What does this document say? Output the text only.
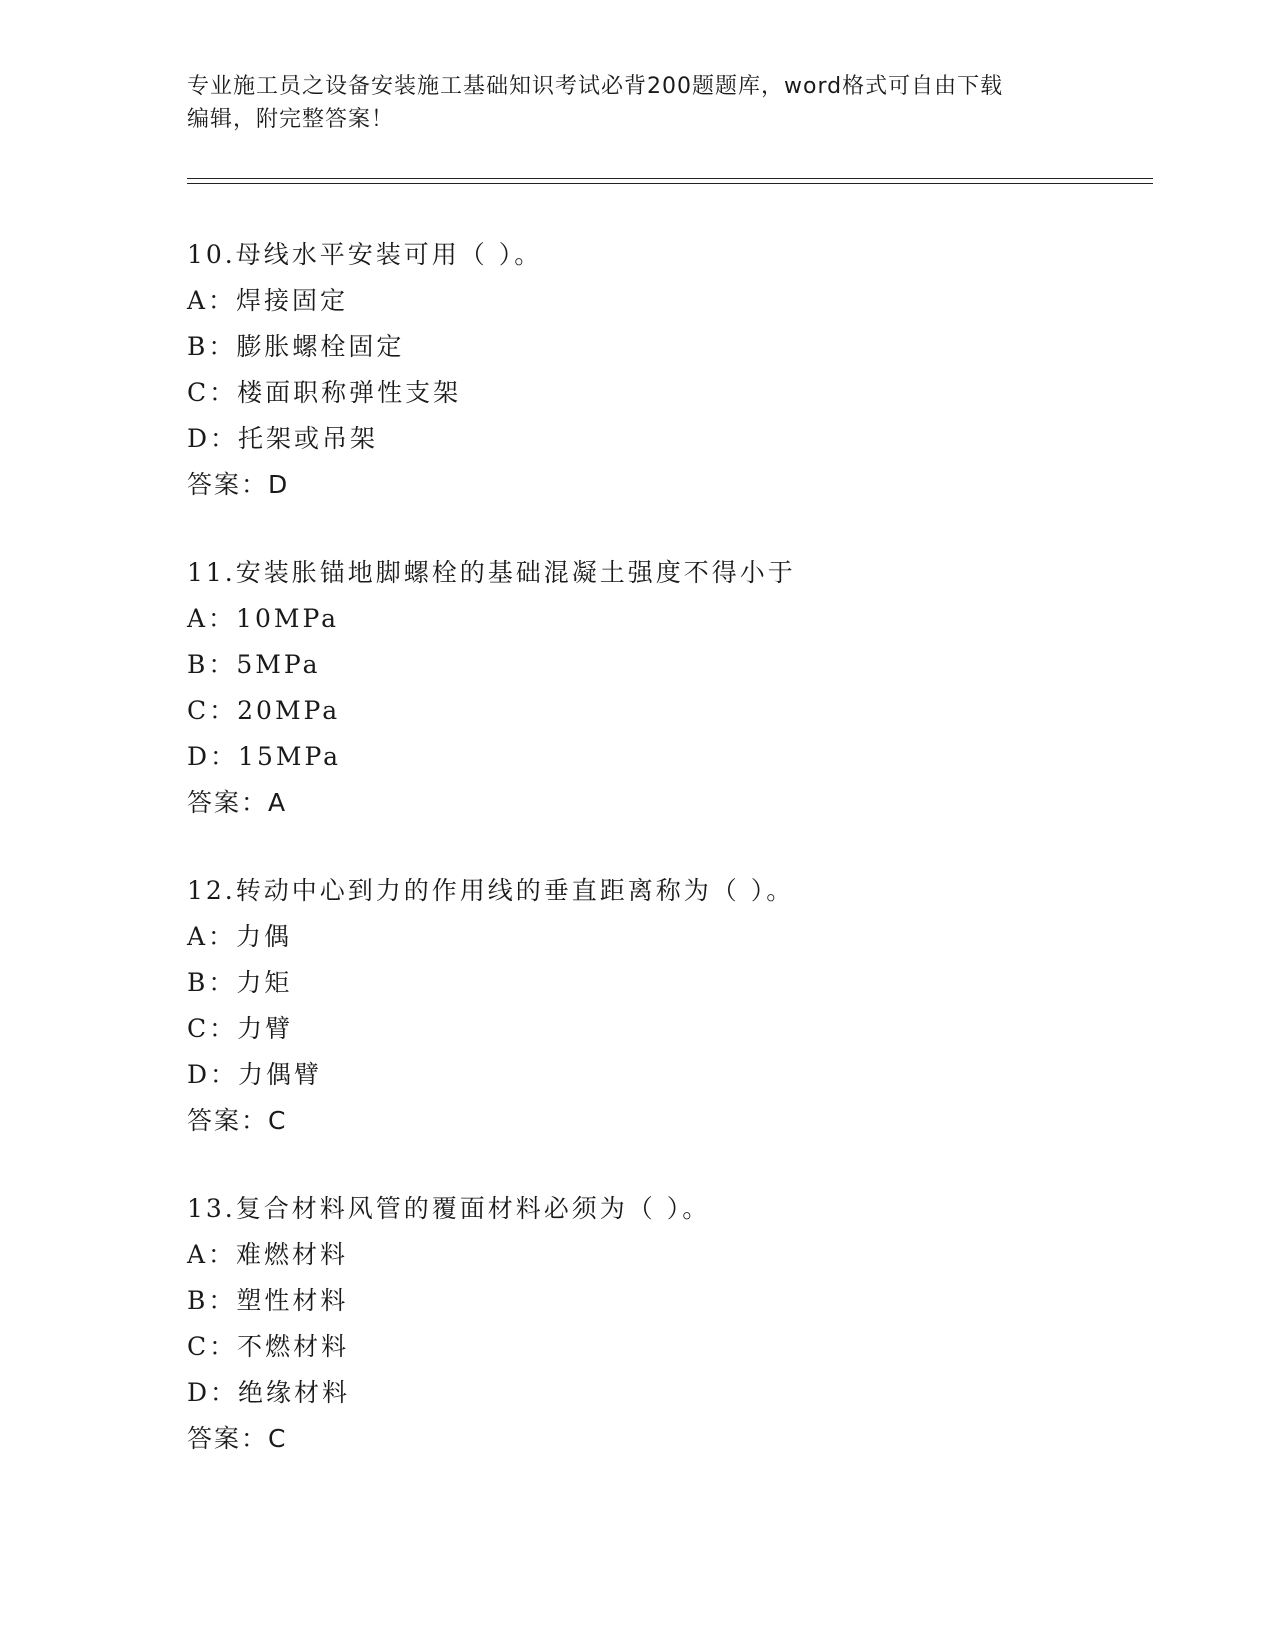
专业施工员之设备安装施工基础知识考试必背200题题库，word格式可自由下载
编辑，附完整答案！
10.母线水平安装可用（ ）。
A：焊接固定
B：膨胀螺栓固定
C：楼面职称弹性支架
D：托架或吊架
答案：D
11.安装胀锚地脚螺栓的基础混凝土强度不得小于
A：10MPa
B：5MPa
C：20MPa
D：15MPa
答案：A
12.转动中心到力的作用线的垂直距离称为（ ）。
A：力偶
B：力矩
C：力臂
D：力偶臂
答案：C
13.复合材料风管的覆面材料必须为（ ）。
A：难燃材料
B：塑性材料
C：不燃材料
D：绝缘材料
答案：C
